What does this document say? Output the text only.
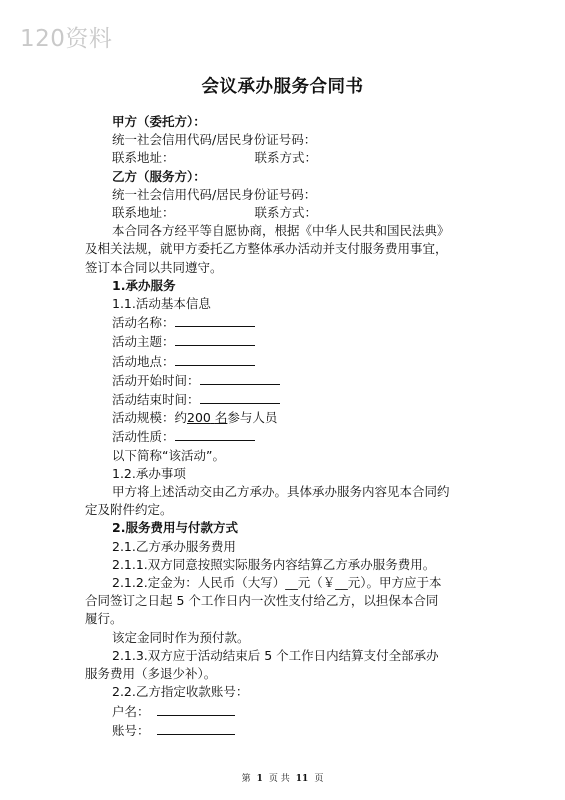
120资料
会议承办服务合同书
甲方（委托方）：
统一社会信用代码/居民身份证号码：
联系地址：	联系方式：
乙方（服务方）：
统一社会信用代码/居民身份证号码：
联系地址：	联系方式：
本合同各方经平等自愿协商，根据《中华人民共和国民法典》及相关法规，就甲方委托乙方整体承办活动并支付服务费用事宜，签订本合同以共同遵守。
1.承办服务
1.1.活动基本信息
活动名称：
活动主题：
活动地点：
活动开始时间：
活动结束时间：
活动规模：约200 名参与人员
活动性质：
以下简称“该活动”。
1.2.承办事项
甲方将上述活动交由乙方承办。具体承办服务内容见本合同约定及附件约定。
2.服务费用与付款方式
2.1.乙方承办服务费用
2.1.1.双方同意按照实际服务内容结算乙方承办服务费用。
2.1.2.定金为：人民币（大写）__元（￥__元）。甲方应于本合同签订之日起 5 个工作日内一次性支付给乙方，以担保本合同履行。
该定金同时作为预付款。
2.1.3.双方应于活动结束后 5 个工作日内结算支付全部承办服务费用（多退少补）。
2.2.乙方指定收款账号：
户名：
账号：
第 1 页 共 11 页
